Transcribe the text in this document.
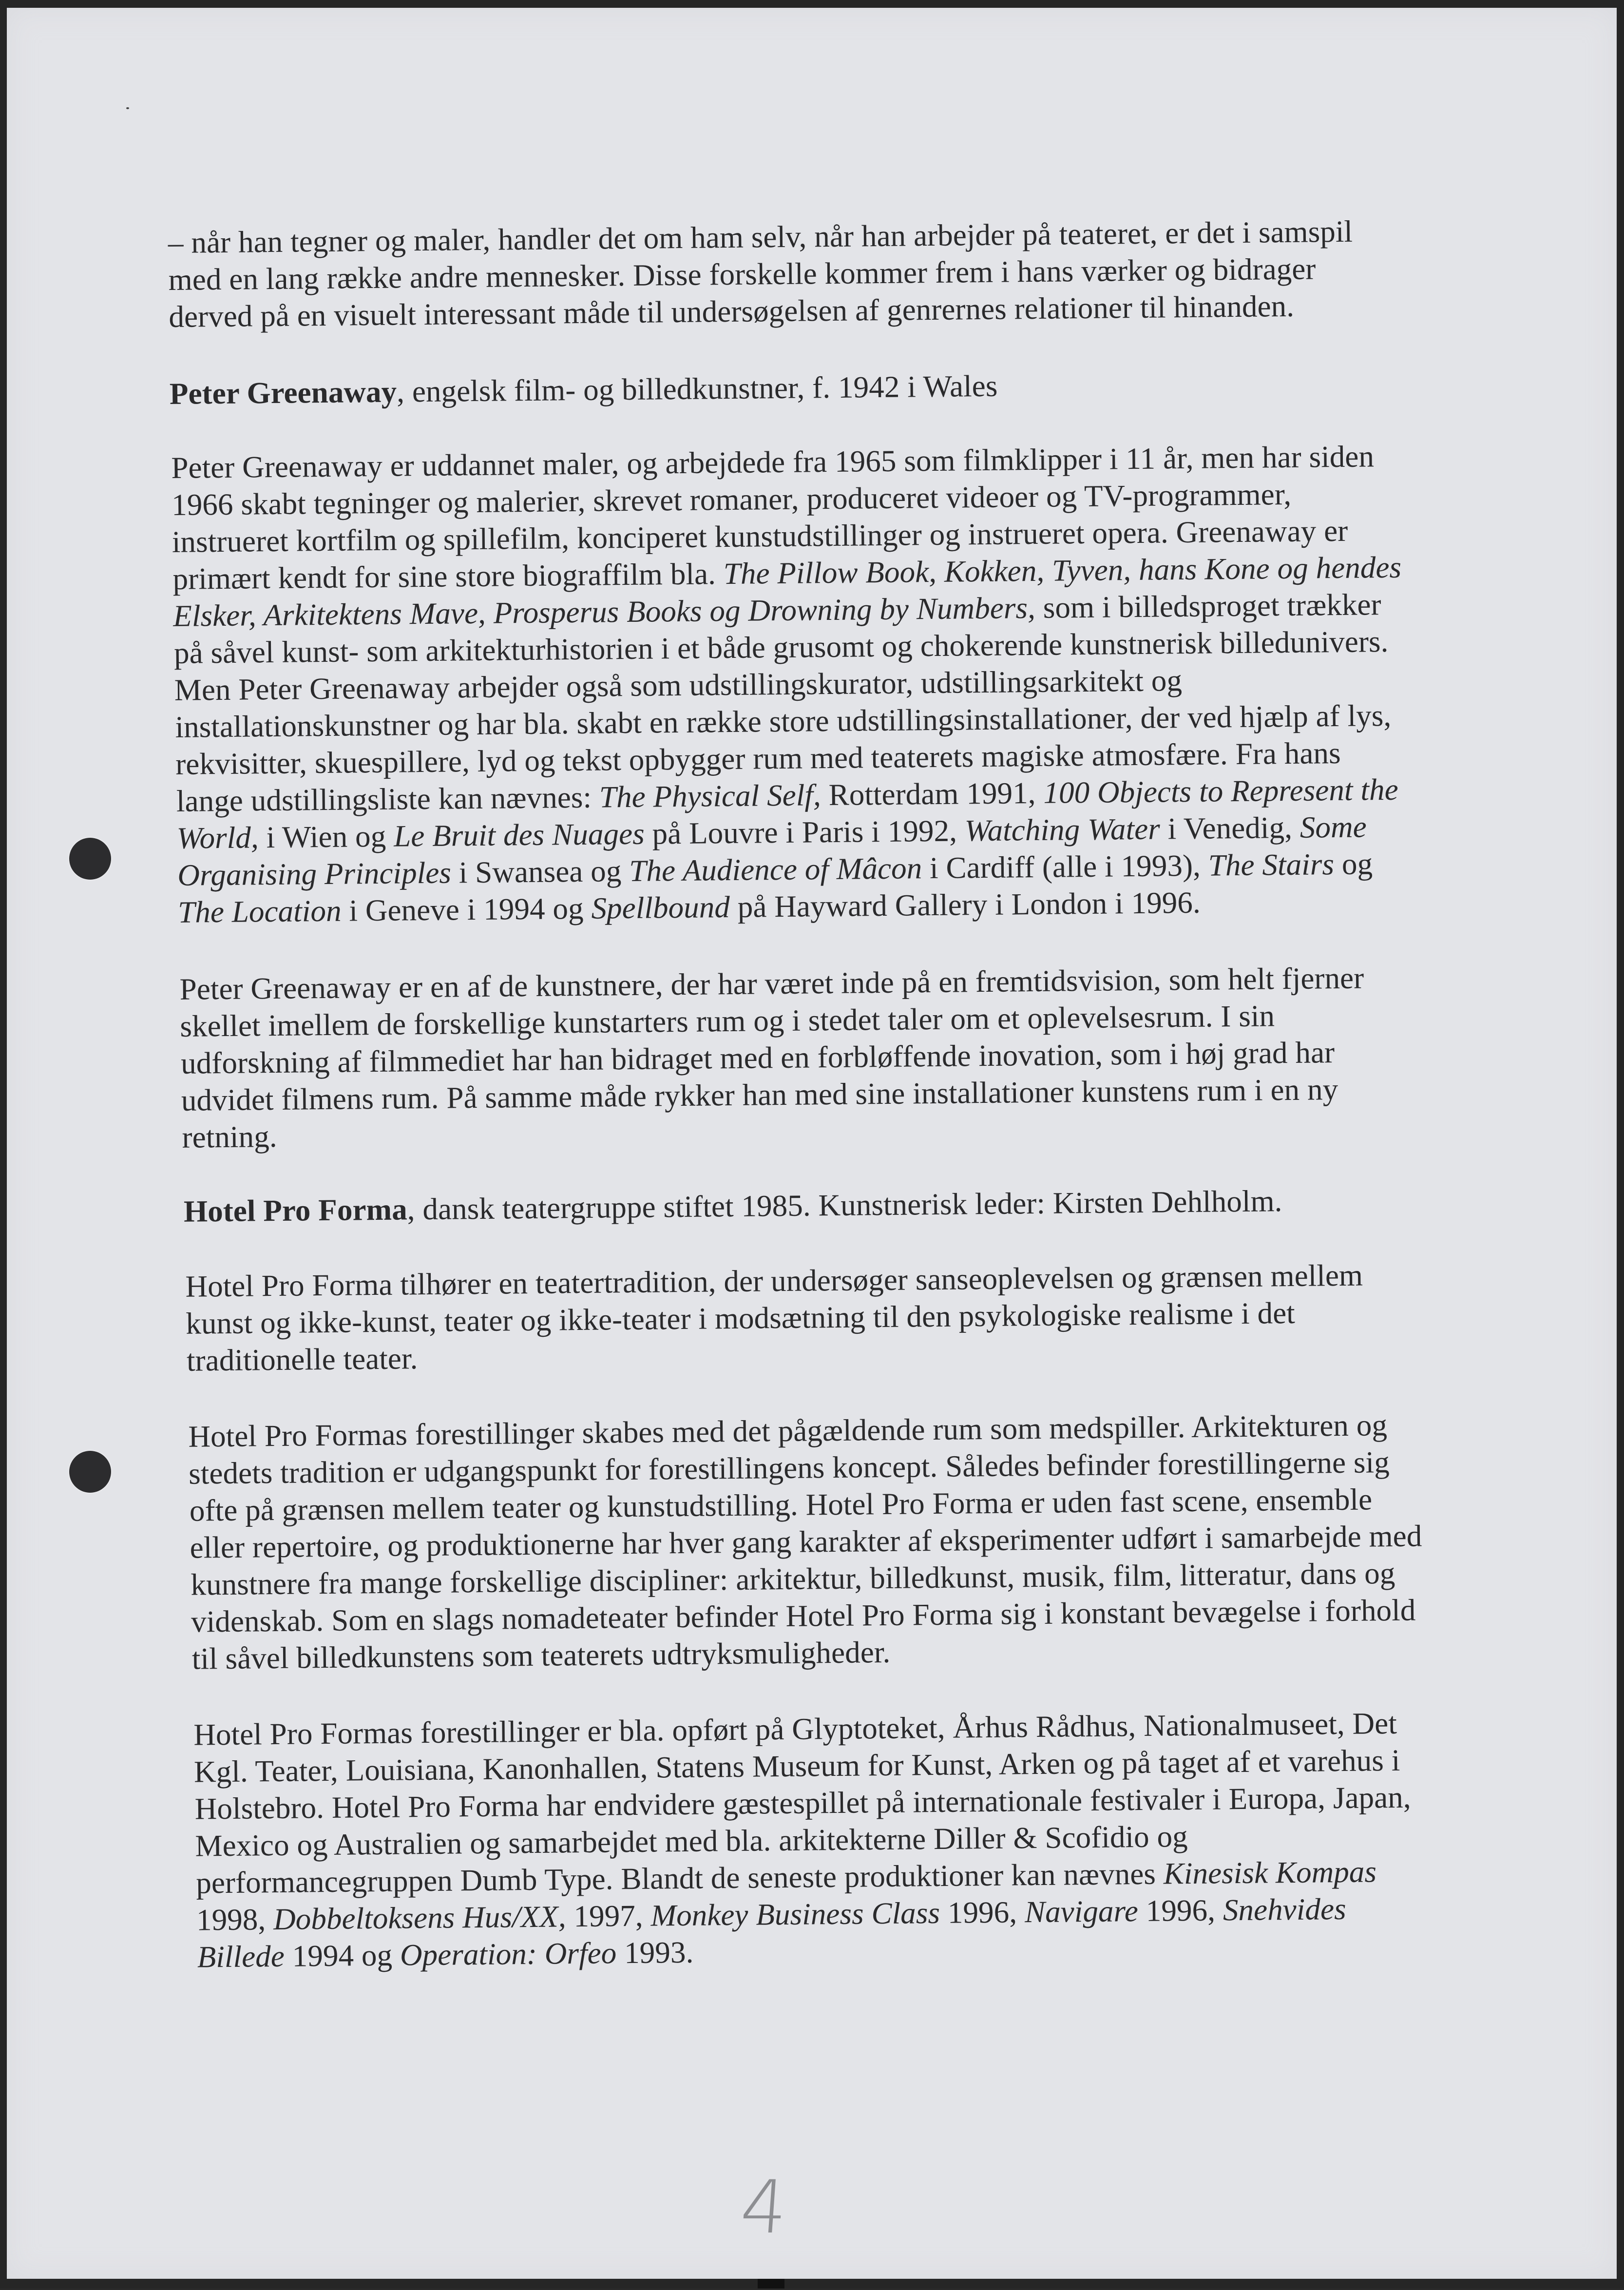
– når han tegner og maler, handler det om ham selv, når han arbejder på teateret, er det i samspil
med en lang række andre mennesker. Disse forskelle kommer frem i hans værker og bidrager
derved på en visuelt interessant måde til undersøgelsen af genrernes relationer til hinanden.
Peter Greenaway, engelsk film- og billedkunstner, f. 1942 i Wales
Peter Greenaway er uddannet maler, og arbejdede fra 1965 som filmklipper i 11 år, men har siden
1966 skabt tegninger og malerier, skrevet romaner, produceret videoer og TV-programmer,
instrueret kortfilm og spillefilm, konciperet kunstudstillinger og instrueret opera. Greenaway er
primært kendt for sine store biograffilm bla. The Pillow Book, Kokken, Tyven, hans Kone og hendes
Elsker, Arkitektens Mave, Prosperus Books og Drowning by Numbers, som i billedsproget trækker
på såvel kunst- som arkitekturhistorien i et både grusomt og chokerende kunstnerisk billedunivers.
Men Peter Greenaway arbejder også som udstillingskurator, udstillingsarkitekt og
installationskunstner og har bla. skabt en række store udstillingsinstallationer, der ved hjælp af lys,
rekvisitter, skuespillere, lyd og tekst opbygger rum med teaterets magiske atmosfære. Fra hans
lange udstillingsliste kan nævnes: The Physical Self, Rotterdam 1991, 100 Objects to Represent the
World, i Wien og Le Bruit des Nuages på Louvre i Paris i 1992, Watching Water i Venedig, Some
Organising Principles i Swansea og The Audience of Mâcon i Cardiff (alle i 1993), The Stairs og
The Location i Geneve i 1994 og Spellbound på Hayward Gallery i London i 1996.
Peter Greenaway er en af de kunstnere, der har været inde på en fremtidsvision, som helt fjerner
skellet imellem de forskellige kunstarters rum og i stedet taler om et oplevelsesrum. I sin
udforskning af filmmediet har han bidraget med en forbløffende inovation, som i høj grad har
udvidet filmens rum. På samme måde rykker han med sine installationer kunstens rum i en ny
retning.
Hotel Pro Forma, dansk teatergruppe stiftet 1985. Kunstnerisk leder: Kirsten Dehlholm.
Hotel Pro Forma tilhører en teatertradition, der undersøger sanseoplevelsen og grænsen mellem
kunst og ikke-kunst, teater og ikke-teater i modsætning til den psykologiske realisme i det
traditionelle teater.
Hotel Pro Formas forestillinger skabes med det pågældende rum som medspiller. Arkitekturen og
stedets tradition er udgangspunkt for forestillingens koncept. Således befinder forestillingerne sig
ofte på grænsen mellem teater og kunstudstilling. Hotel Pro Forma er uden fast scene, ensemble
eller repertoire, og produktionerne har hver gang karakter af eksperimenter udført i samarbejde med
kunstnere fra mange forskellige discipliner: arkitektur, billedkunst, musik, film, litteratur, dans og
videnskab. Som en slags nomadeteater befinder Hotel Pro Forma sig i konstant bevægelse i forhold
til såvel billedkunstens som teaterets udtryksmuligheder.
Hotel Pro Formas forestillinger er bla. opført på Glyptoteket, Århus Rådhus, Nationalmuseet, Det
Kgl. Teater, Louisiana, Kanonhallen, Statens Museum for Kunst, Arken og på taget af et varehus i
Holstebro. Hotel Pro Forma har endvidere gæstespillet på internationale festivaler i Europa, Japan,
Mexico og Australien og samarbejdet med bla. arkitekterne Diller & Scofidio og
performancegruppen Dumb Type. Blandt de seneste produktioner kan nævnes Kinesisk Kompas
1998, Dobbeltoksens Hus/XX, 1997, Monkey Business Class 1996, Navigare 1996, Snehvides
Billede 1994 og Operation: Orfeo 1993.
4
